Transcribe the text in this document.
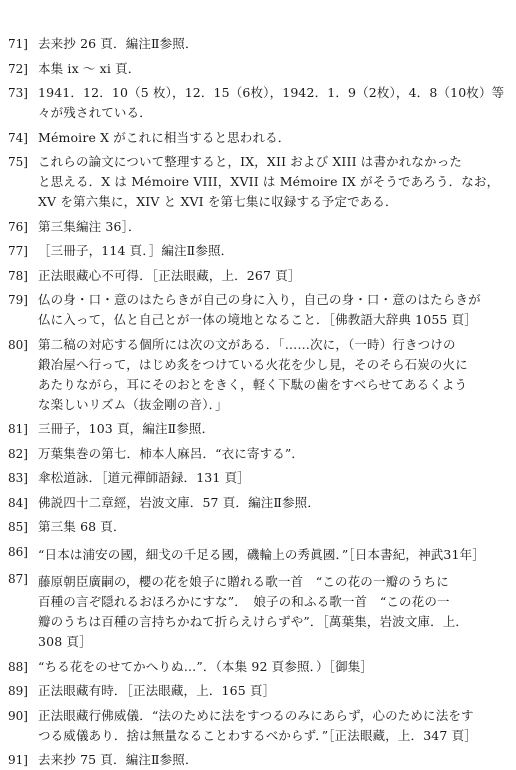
71] 去来抄 26 頁．編注Ⅱ参照．
72] 本集 ix ～ xi 頁．
73] 1941．12．10（5 枚），12．15（6枚），1942．1．9（2枚），4．8（10枚）等
々が残されている．
74] Mémoire X がこれに相当すると思われる．
75] これらの論文について整理すると，IX，XII および XIII は書かれなかった
と思える．X は Mémoire VIII，XVII は Mémoire IX がそうであろう．なお，
XV を第六集に，XIV と XVI を第七集に収録する予定である．
76] 第三集編注 36］．
77] ［三冊子，114 頁．］編注Ⅱ参照．
78] 正法眼藏心不可得．［正法眼藏，上．267 頁］
79] 仏の身・口・意のはたらきが自己の身に入り，自己の身・口・意のはたらきが
仏に入って，仏と自己とが一体の境地となること．［佛教語大辞典 1055 頁］
80] 第二稿の対応する個所には次の文がある．「……次に，（一時）行きつけの
鍛冶屋へ行って，はじめ炙をつけている火花を少し見，そのそら石炭の火に
あたりながら，耳にそのおとをきく，軽く下駄の歯をすべらせてあるくよう
な楽しいリズム（抜金剛の音）．」
81] 三冊子，103 頁，編注Ⅱ参照．
82] 万葉集巻の第七．柿本人麻呂．“衣に寄する”．
83] 傘松道詠．［道元禪師語録．131 頁］
84] 佛説四十二章經，岩波文庫．57 頁．編注Ⅱ参照．
85] 第三集 68 頁．
86] “日本は浦安の國，細戈の千足る國，磯輪上の秀眞國．”［日本書紀，神武31年］
87] 藤原朝臣廣嗣の，櫻の花を娘子に贈れる歌一首　“この花の一瓣のうちに
百種の言ぞ隠れるおほろかにすな”．　娘子の和ふる歌一首　“この花の一
瓣のうちは百種の言持ちかねて折らえけらずや”．［萬葉集，岩波文庫．上．
308 頁］
88] “ちる花をのせてかへりぬ…”．（本集 92 頁参照．）［御集］
89] 正法眼藏有時．［正法眼藏，上．165 頁］
90] 正法眼藏行佛威儀．“法のために法をすつるのみにあらず，心のために法をす
つる威儀あり．捨は無量なることわするべからず．”［正法眼藏，上．347 頁］
91] 去来抄 75 頁．編注Ⅱ参照．
